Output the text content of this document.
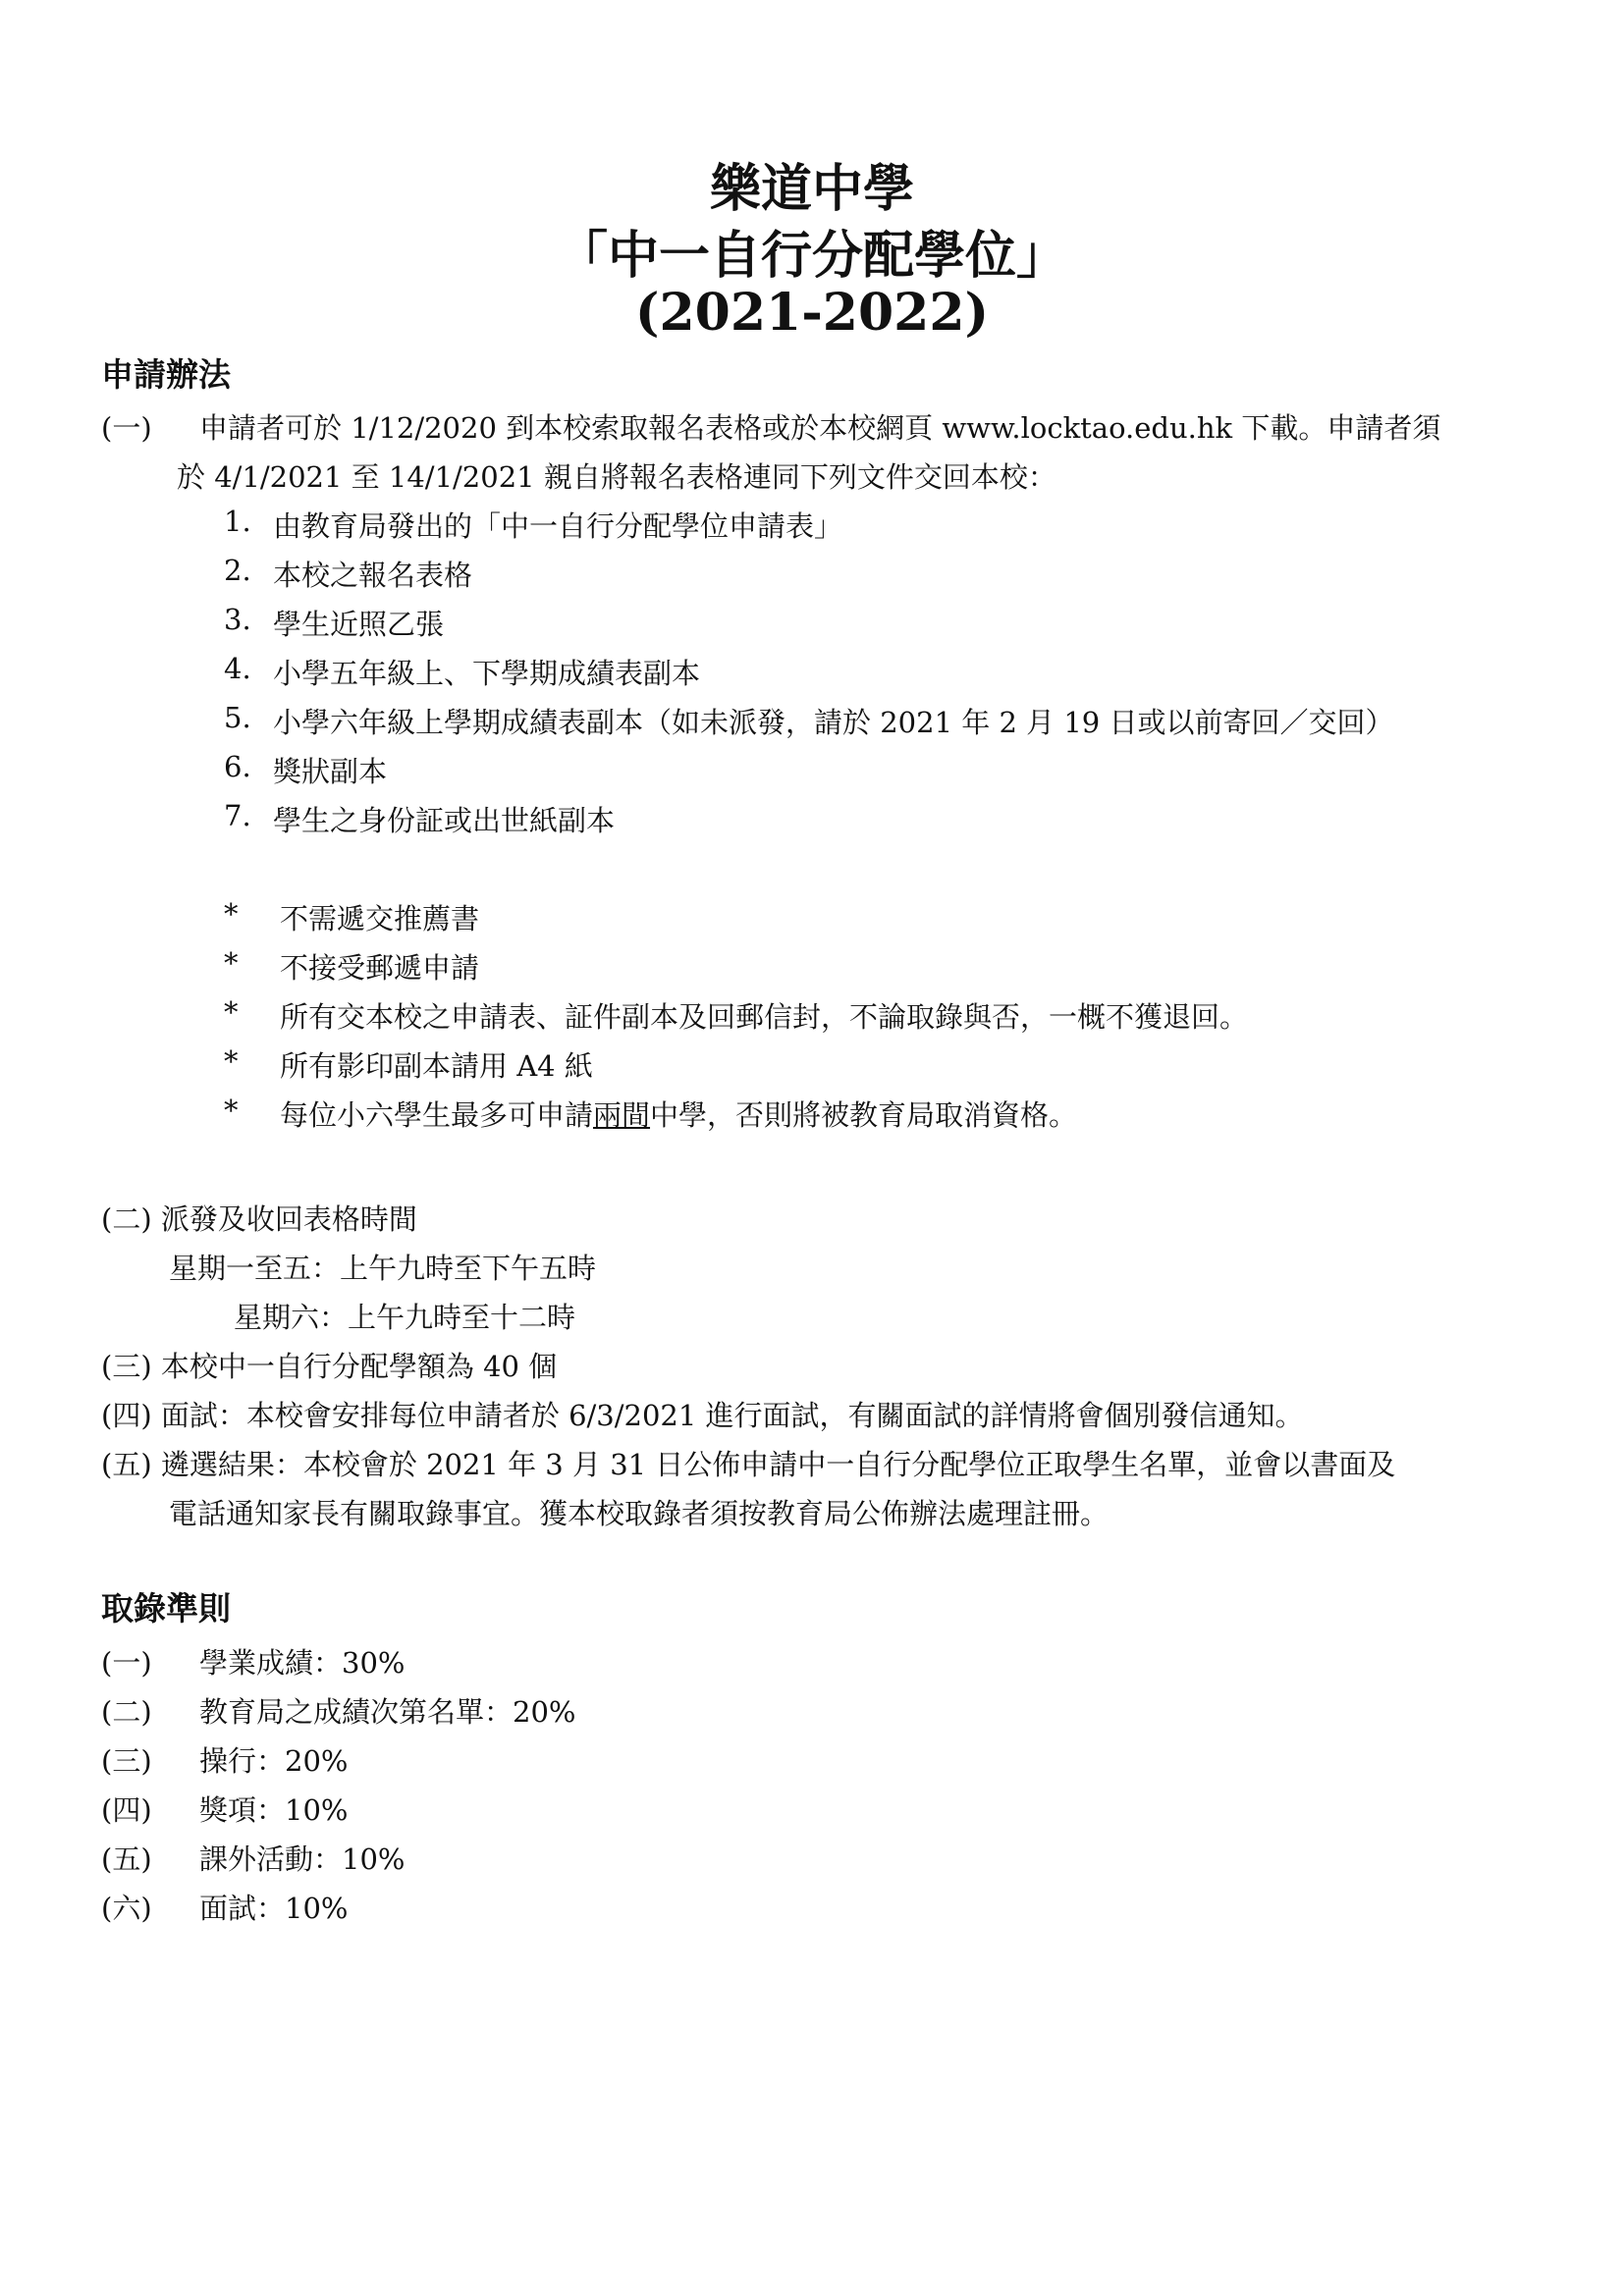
樂道中學
「中一自行分配學位」
(2021-2022)
申請辦法
(一) 申請者可於 1/12/2020 到本校索取報名表格或於本校網頁 www.locktao.edu.hk 下載。申請者須
於 4/1/2021 至 14/1/2021 親自將報名表格連同下列文件交回本校：
1. 由教育局發出的「中一自行分配學位申請表」
2. 本校之報名表格
3. 學生近照乙張
4. 小學五年級上、下學期成績表副本
5. 小學六年級上學期成績表副本（如未派發，請於 2021 年 2 月 19 日或以前寄回／交回）
6. 獎狀副本
7. 學生之身份証或出世紙副本
* 不需遞交推薦書
* 不接受郵遞申請
* 所有交本校之申請表、証件副本及回郵信封，不論取錄與否，一概不獲退回。
* 所有影印副本請用 A4 紙
* 每位小六學生最多可申請兩間中學，否則將被教育局取消資格。
(二) 派發及收回表格時間
星期一至五：上午九時至下午五時
星期六：上午九時至十二時
(三) 本校中一自行分配學額為 40 個
(四) 面試：本校會安排每位申請者於 6/3/2021 進行面試，有關面試的詳情將會個別發信通知。
(五) 遴選結果：本校會於 2021 年 3 月 31 日公佈申請中一自行分配學位正取學生名單，並會以書面及
電話通知家長有關取錄事宜。獲本校取錄者須按教育局公佈辦法處理註冊。
取錄準則
(一) 學業成績：30%
(二) 教育局之成績次第名單：20%
(三) 操行：20%
(四) 獎項：10%
(五) 課外活動：10%
(六) 面試：10%
